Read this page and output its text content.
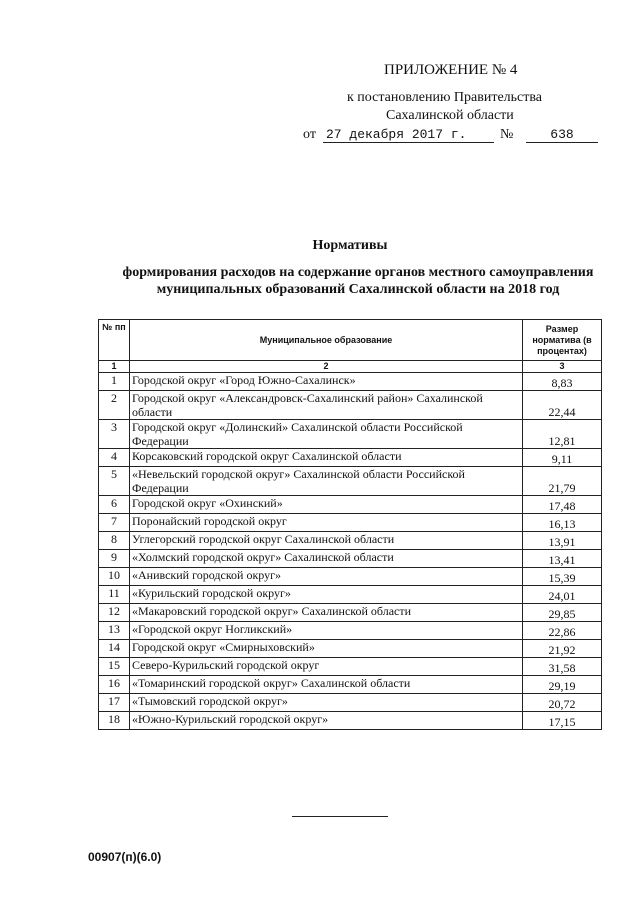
ПРИЛОЖЕНИЕ № 4
к постановлению Правительства
Сахалинской области
от 27 декабря 2017 г.	№	638
Нормативы
формирования расходов на содержание органов местного самоуправления муниципальных образований Сахалинской области на 2018 год
№ пп	Муниципальное образование	Размер норматива (в процентах)
1	2	3
1	Городской округ «Город Южно-Сахалинск»	8,83
2	Городской округ «Александровск-Сахалинский район» Сахалинской области	22,44
3	Городской округ «Долинский» Сахалинской области Российской Федерации	12,81
4	Корсаковский городской округ Сахалинской области	9,11
5	«Невельский городской округ» Сахалинской области Российской Федерации	21,79
6	Городской округ «Охинский»	17,48
7	Поронайский городской округ	16,13
8	Углегорский городской округ Сахалинской области	13,91
9	«Холмский городской округ» Сахалинской области	13,41
10	«Анивский городской округ»	15,39
11	«Курильский городской округ»	24,01
12	«Макаровский городской округ» Сахалинской области	29,85
13	«Городской округ Ногликский»	22,86
14	Городской округ «Смирныховский»	21,92
15	Северо-Курильский городской округ	31,58
16	«Томаринский городской округ» Сахалинской области	29,19
17	«Тымовский городской округ»	20,72
18	«Южно-Курильский городской округ»	17,15
00907(п)(6.0)
